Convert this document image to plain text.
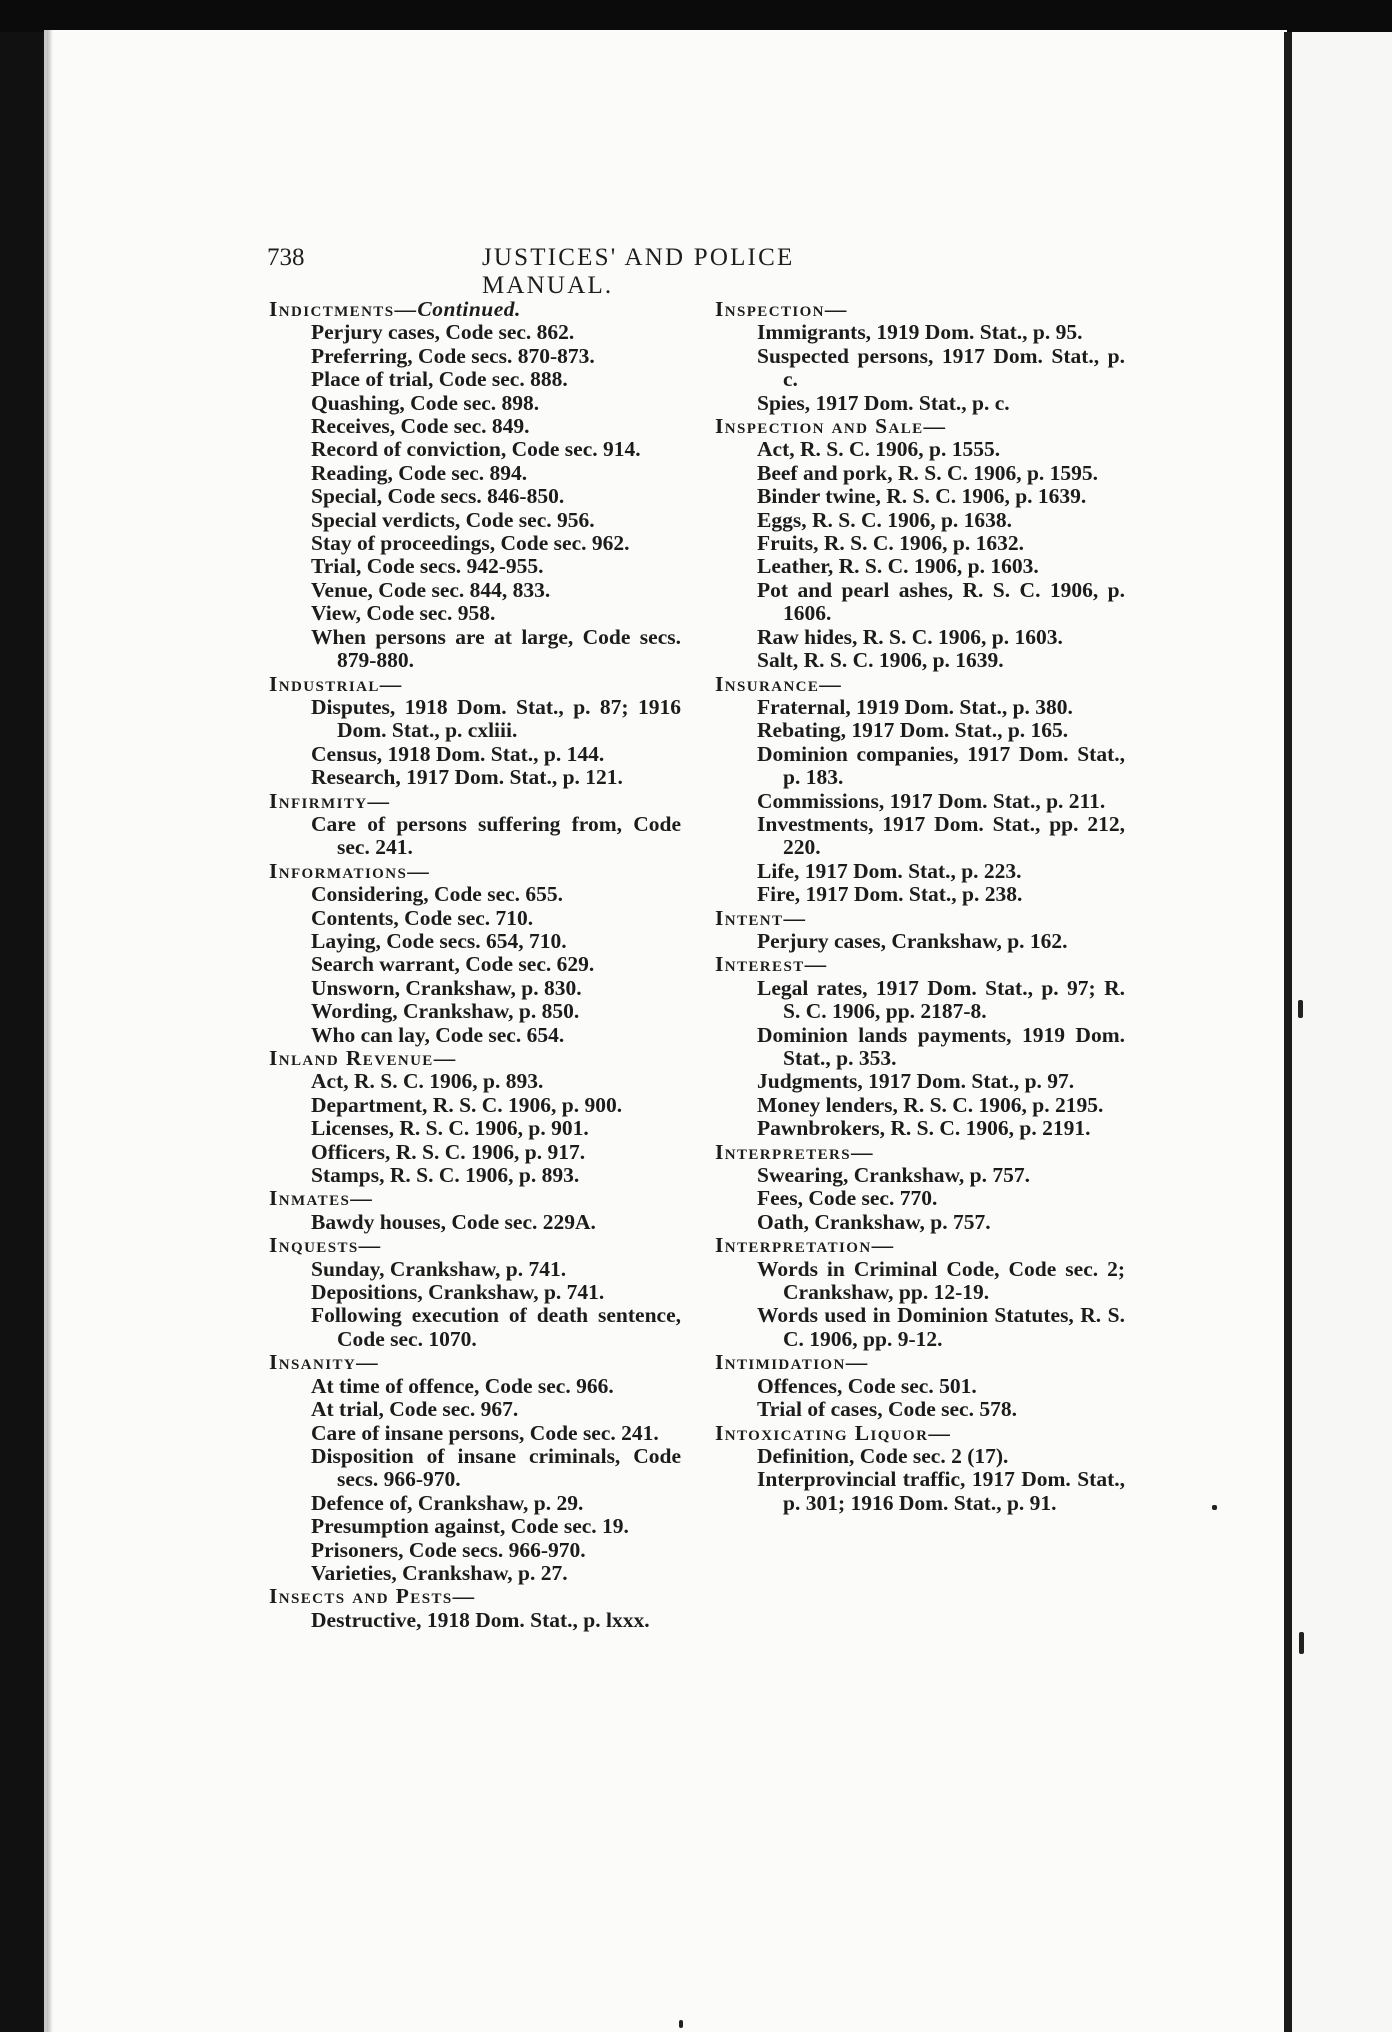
738	JUSTICES' AND POLICE MANUAL.
Indictments—Continued.
Perjury cases, Code sec. 862.
Preferring, Code secs. 870-873.
Place of trial, Code sec. 888.
Quashing, Code sec. 898.
Receives, Code sec. 849.
Record of conviction, Code sec. 914.
Reading, Code sec. 894.
Special, Code secs. 846-850.
Special verdicts, Code sec. 956.
Stay of proceedings, Code sec. 962.
Trial, Code secs. 942-955.
Venue, Code sec. 844, 833.
View, Code sec. 958.
When persons are at large, Code secs. 879-880.
Industrial—
Disputes, 1918 Dom. Stat., p. 87; 1916 Dom. Stat., p. cxliii.
Census, 1918 Dom. Stat., p. 144.
Research, 1917 Dom. Stat., p. 121.
Infirmity—
Care of persons suffering from, Code sec. 241.
Informations—
Considering, Code sec. 655.
Contents, Code sec. 710.
Laying, Code secs. 654, 710.
Search warrant, Code sec. 629.
Unsworn, Crankshaw, p. 830.
Wording, Crankshaw, p. 850.
Who can lay, Code sec. 654.
Inland Revenue—
Act, R. S. C. 1906, p. 893.
Department, R. S. C. 1906, p. 900.
Licenses, R. S. C. 1906, p. 901.
Officers, R. S. C. 1906, p. 917.
Stamps, R. S. C. 1906, p. 893.
Inmates—
Bawdy houses, Code sec. 229A.
Inquests—
Sunday, Crankshaw, p. 741.
Depositions, Crankshaw, p. 741.
Following execution of death sentence, Code sec. 1070.
Insanity—
At time of offence, Code sec. 966.
At trial, Code sec. 967.
Care of insane persons, Code sec. 241.
Disposition of insane criminals, Code secs. 966-970.
Defence of, Crankshaw, p. 29.
Presumption against, Code sec. 19.
Prisoners, Code secs. 966-970.
Varieties, Crankshaw, p. 27.
Insects and Pests—
Destructive, 1918 Dom. Stat., p. lxxx.
Inspection—
Immigrants, 1919 Dom. Stat., p. 95.
Suspected persons, 1917 Dom. Stat., p. c.
Spies, 1917 Dom. Stat., p. c.
Inspection and Sale—
Act, R. S. C. 1906, p. 1555.
Beef and pork, R. S. C. 1906, p. 1595.
Binder twine, R. S. C. 1906, p. 1639.
Eggs, R. S. C. 1906, p. 1638.
Fruits, R. S. C. 1906, p. 1632.
Leather, R. S. C. 1906, p. 1603.
Pot and pearl ashes, R. S. C. 1906, p. 1606.
Raw hides, R. S. C. 1906, p. 1603.
Salt, R. S. C. 1906, p. 1639.
Insurance—
Fraternal, 1919 Dom. Stat., p. 380.
Rebating, 1917 Dom. Stat., p. 165.
Dominion companies, 1917 Dom. Stat., p. 183.
Commissions, 1917 Dom. Stat., p. 211.
Investments, 1917 Dom. Stat., pp. 212, 220.
Life, 1917 Dom. Stat., p. 223.
Fire, 1917 Dom. Stat., p. 238.
Intent—
Perjury cases, Crankshaw, p. 162.
Interest—
Legal rates, 1917 Dom. Stat., p. 97; R. S. C. 1906, pp. 2187-8.
Dominion lands payments, 1919 Dom. Stat., p. 353.
Judgments, 1917 Dom. Stat., p. 97.
Money lenders, R. S. C. 1906, p. 2195.
Pawnbrokers, R. S. C. 1906, p. 2191.
Interpreters—
Swearing, Crankshaw, p. 757.
Fees, Code sec. 770.
Oath, Crankshaw, p. 757.
Interpretation—
Words in Criminal Code, Code sec. 2; Crankshaw, pp. 12-19.
Words used in Dominion Statutes, R. S. C. 1906, pp. 9-12.
Intimidation—
Offences, Code sec. 501.
Trial of cases, Code sec. 578.
Intoxicating Liquor—
Definition, Code sec. 2 (17).
Interprovincial traffic, 1917 Dom. Stat., p. 301; 1916 Dom. Stat., p. 91.
